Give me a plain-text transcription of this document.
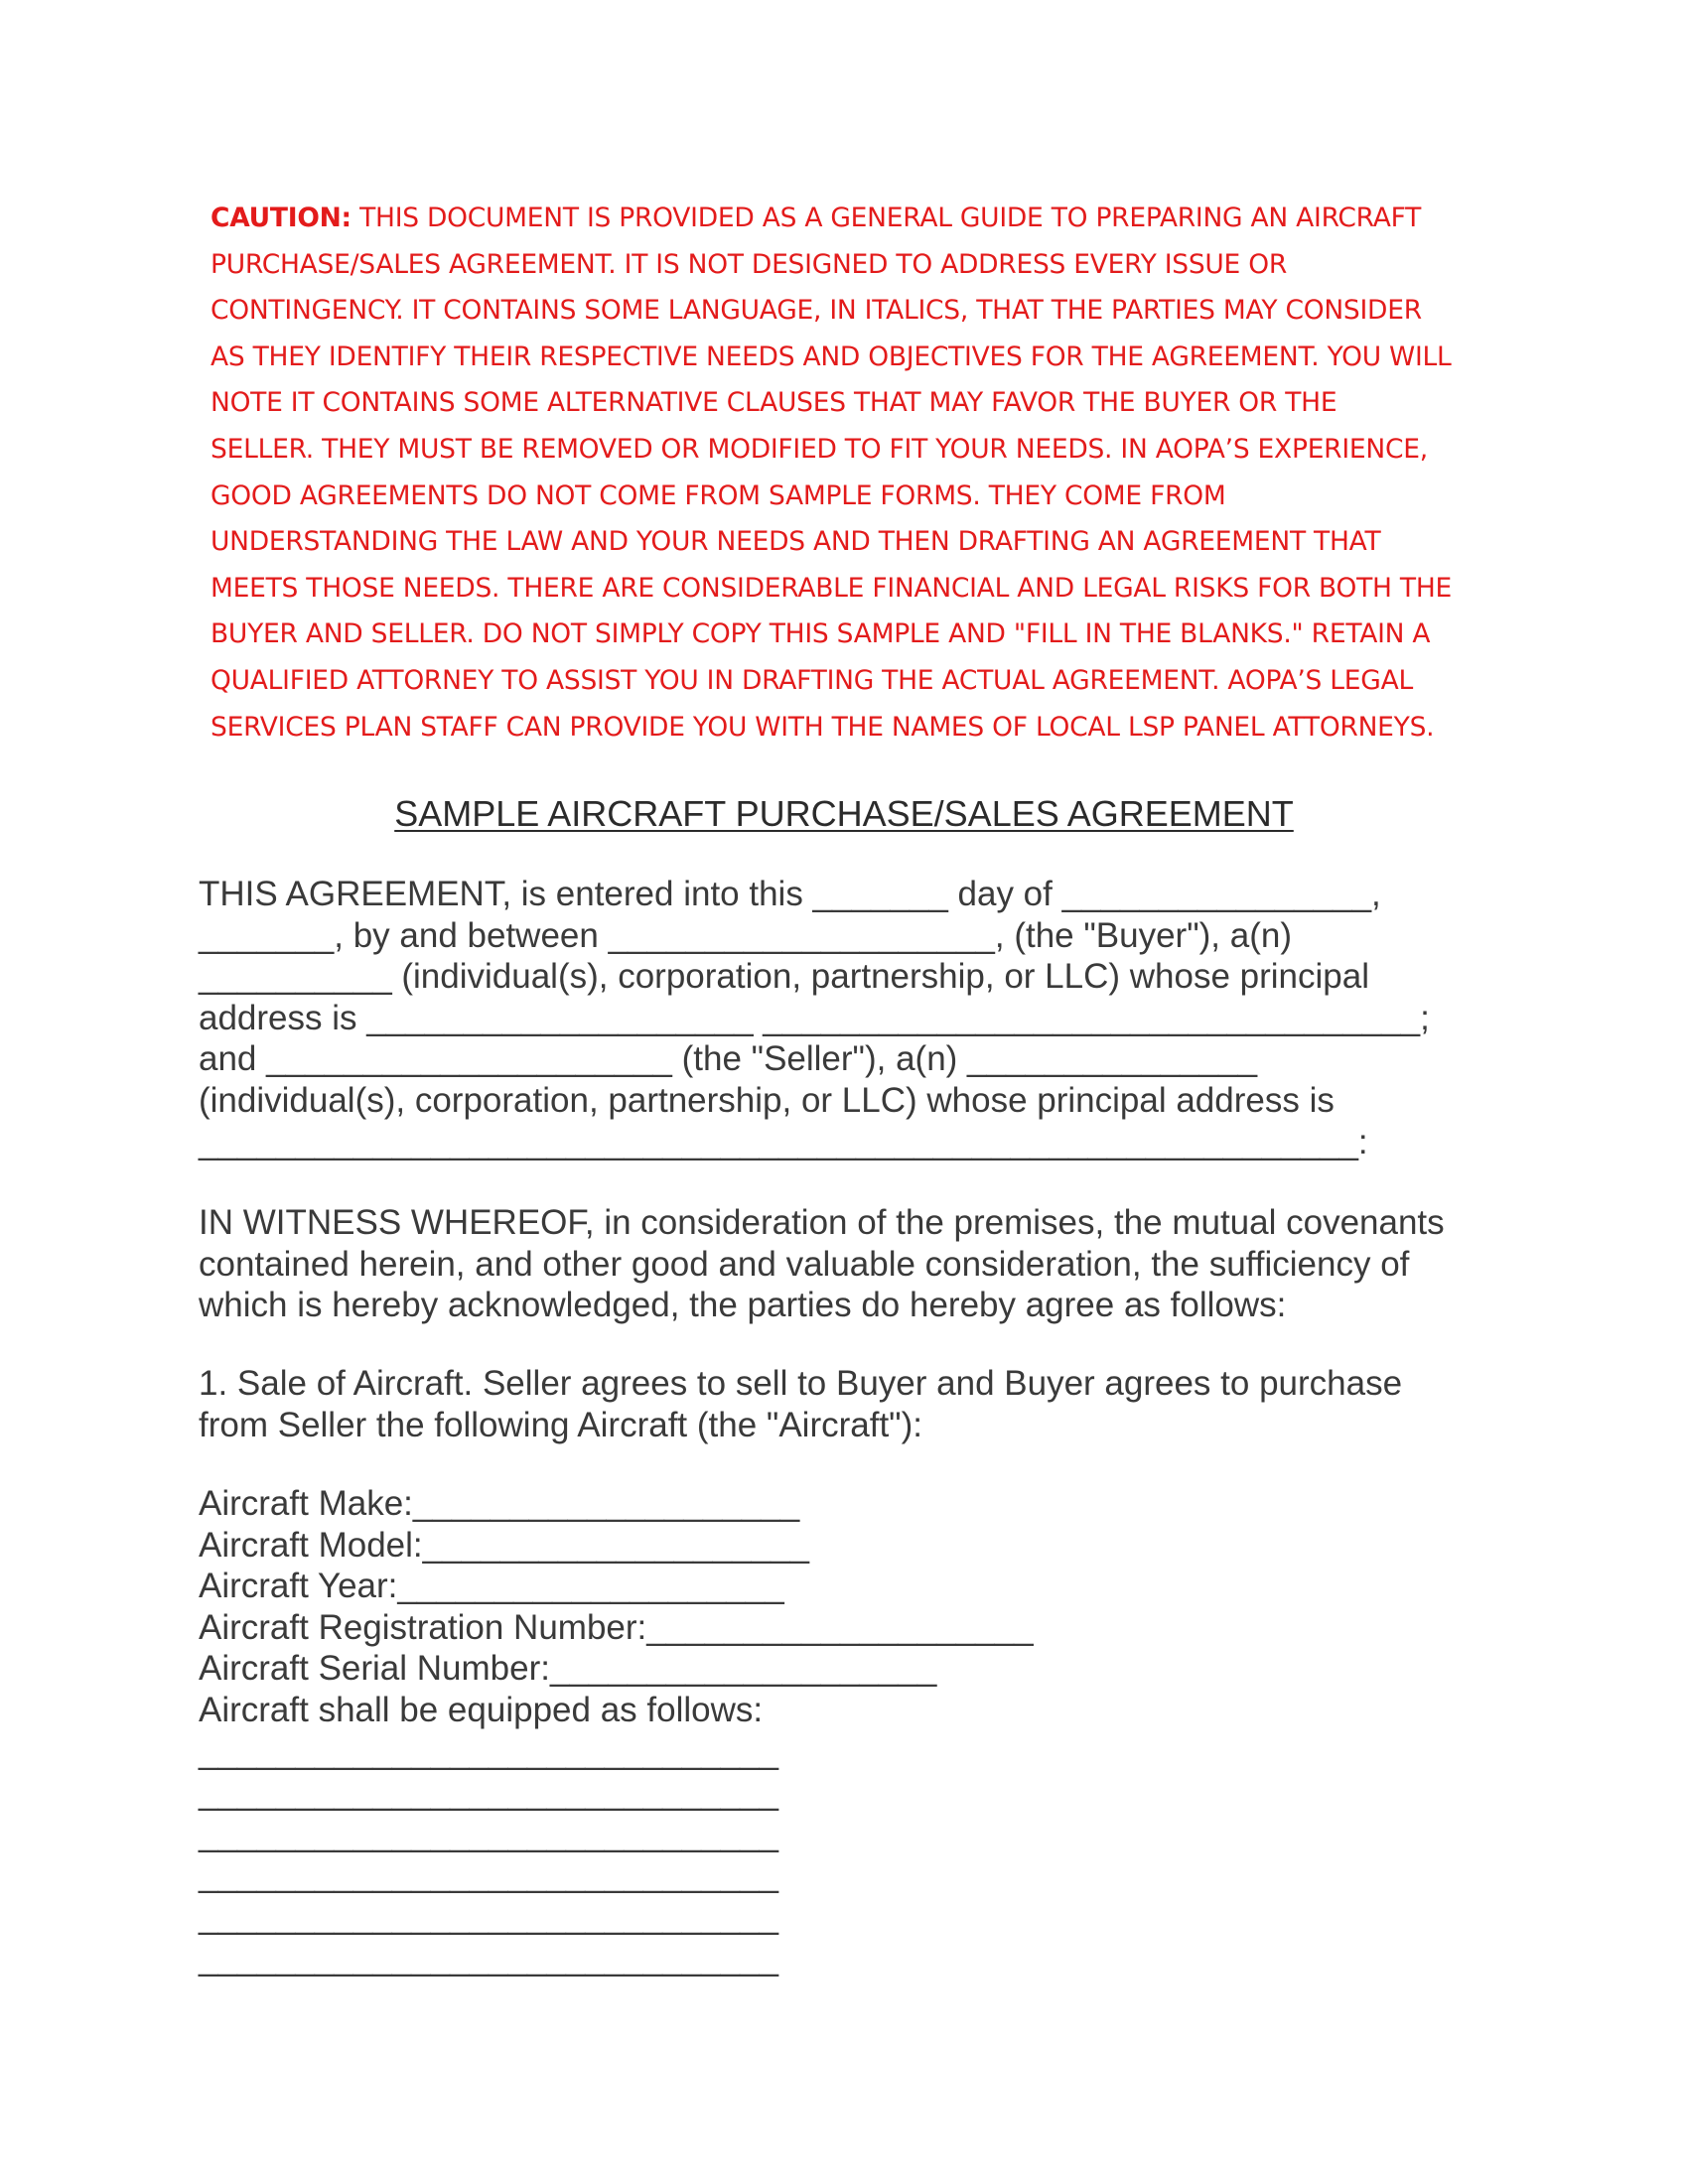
CAUTION: THIS DOCUMENT IS PROVIDED AS A GENERAL GUIDE TO PREPARING AN AIRCRAFT
PURCHASE/SALES AGREEMENT. IT IS NOT DESIGNED TO ADDRESS EVERY ISSUE OR
CONTINGENCY. IT CONTAINS SOME LANGUAGE, IN ITALICS, THAT THE PARTIES MAY CONSIDER
AS THEY IDENTIFY THEIR RESPECTIVE NEEDS AND OBJECTIVES FOR THE AGREEMENT. YOU WILL
NOTE IT CONTAINS SOME ALTERNATIVE CLAUSES THAT MAY FAVOR THE BUYER OR THE
SELLER. THEY MUST BE REMOVED OR MODIFIED TO FIT YOUR NEEDS. IN AOPA’S EXPERIENCE,
GOOD AGREEMENTS DO NOT COME FROM SAMPLE FORMS. THEY COME FROM
UNDERSTANDING THE LAW AND YOUR NEEDS AND THEN DRAFTING AN AGREEMENT THAT
MEETS THOSE NEEDS. THERE ARE CONSIDERABLE FINANCIAL AND LEGAL RISKS FOR BOTH THE
BUYER AND SELLER. DO NOT SIMPLY COPY THIS SAMPLE AND "FILL IN THE BLANKS." RETAIN A
QUALIFIED ATTORNEY TO ASSIST YOU IN DRAFTING THE ACTUAL AGREEMENT. AOPA’S LEGAL
SERVICES PLAN STAFF CAN PROVIDE YOU WITH THE NAMES OF LOCAL LSP PANEL ATTORNEYS.
SAMPLE AIRCRAFT PURCHASE/SALES AGREEMENT
THIS AGREEMENT, is entered into this _______ day of ________________,
_______, by and between ____________________, (the "Buyer"), a(n)
__________ (individual(s), corporation, partnership, or LLC) whose principal
address is ____________________ __________________________________;
and _____________________ (the "Seller"), a(n) _______________
(individual(s), corporation, partnership, or LLC) whose principal address is
____________________________________________________________:
IN WITNESS WHEREOF, in consideration of the premises, the mutual covenants
contained herein, and other good and valuable consideration, the sufficiency of
which is hereby acknowledged, the parties do hereby agree as follows:
1. Sale of Aircraft. Seller agrees to sell to Buyer and Buyer agrees to purchase
from Seller the following Aircraft (the "Aircraft"):
Aircraft Make:____________________
Aircraft Model:____________________
Aircraft Year:____________________
Aircraft Registration Number:____________________
Aircraft Serial Number:____________________
Aircraft shall be equipped as follows:
______________________________
______________________________
______________________________
______________________________
______________________________
______________________________
